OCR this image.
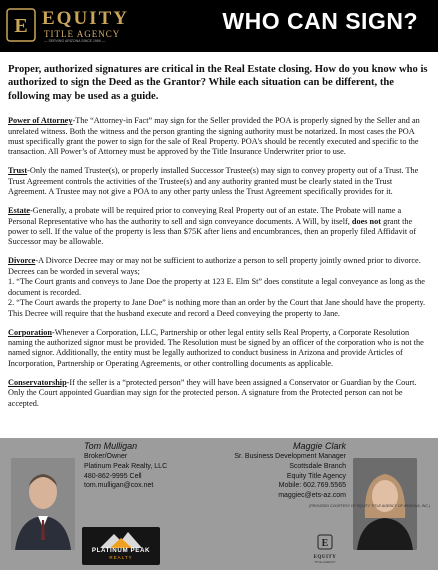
E EQUITY
TITLE AGENCY
— SERVING ARIZONA SINCE 1969 —
WHO CAN SIGN?

Proper, authorized signatures are critical in the Real Estate closing. How do you know who is authorized to sign the Deed as the Grantor? While each situation can be different, the following may be used as a guide.

Power of Attorney-The “Attorney-in Fact” may sign for the Seller provided the POA is properly signed by the Seller and an unrelated witness. Both the witness and the person granting the signing authority must be notarized. In most cases the POA must specifically grant the power to sign for the sale of Real Property. POA's should be recently executed and specific to the transaction. All Power’s of Attorney must be approved by the Title Insurance Underwriter prior to use.

Trust-Only the named Trustee(s), or properly installed Successor Trustee(s) may sign to convey property out of a Trust. The Trust Agreement controls the activities of the Trustee(s) and any authority granted must be clearly stated in the Trust Agreement. A Trustee may not give a POA to any other party unless the Trust Agreement specifically provides for it.

Estate-Generally, a probate will be required prior to conveying Real Property out of an estate. The Probate will name a Personal Representative who has the authority to sell and sign conveyance documents. A Will, by itself, does not grant the power to sell. If the value of the property is less than $75K after liens and encumbrances, then an properly filed Affidavit of Successor may be allowable.

Divorce-A Divorce Decree may or may not be sufficient to authorize a person to sell property jointly owned prior to divorce. Decrees can be worded in several ways;
1. “The Court grants and conveys to Jane Doe the property at 123 E. Elm St” does constitute a legal conveyance as long as the document is recorded.
2. “The Court awards the property to Jane Doe” is nothing more than an order by the Court that Jane should have the property. This Decree will require that the husband execute and record a Deed conveying the property to Jane.

Corporation-Whenever a Corporation, LLC, Partnership or other legal entity sells Real Property, a Corporate Resolution naming the authorized signor must be provided. The Resolution must be signed by an officer of the corporation who is not the named signor. Additionally, the entity must be legally authorized to conduct business in Arizona and provide Articles of Incorporation, Partnership or Operating Agreements, or other controlling documents as applicable.

Conservatorship-If the seller is a “protected person” they will have been assigned a Conservator or Guardian by the Court. Only the Court appointed Guardian may sign for the protected person. A signature from the Protected person can not be accepted.

Tom Mulligan
Broker/Owner
Platinum Peak Realty, LLC
480-862-9995 Cell
tom.mulligan@cox.net
PLATINUM PEAK
REALTY
Maggie Clark
Sr. Business Development Manager
Scottsdale Branch
Equity Title Agency
Mobile: 602.769.5565
maggiec@ets-az.com
E
EQUITY
TITLE AGENCY
(PROVIDED COURTESY OF EQUITY TITLE AGENCY OF ARIZONA, INC.)
